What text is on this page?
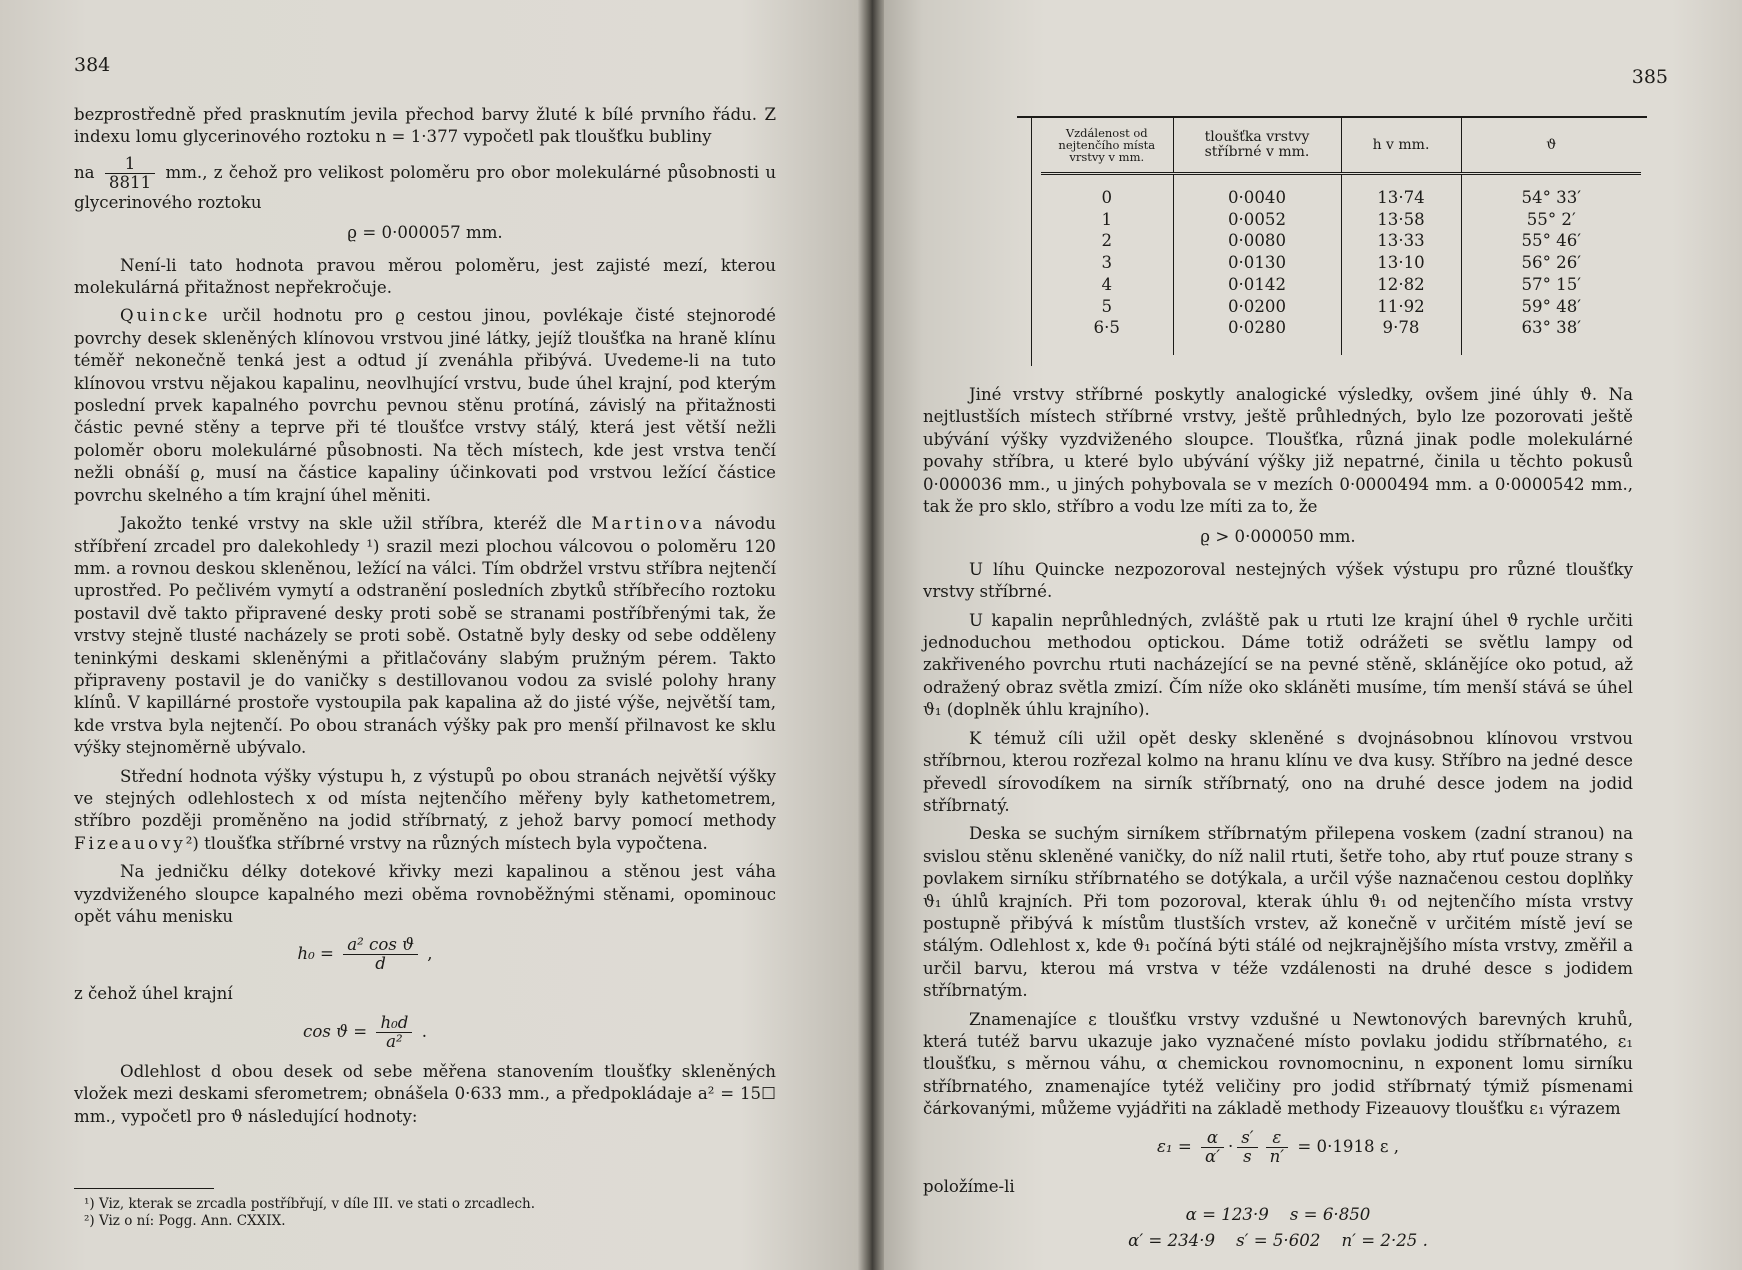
384

bezprostředně před prasknutím jevila přechod barvy žluté k bílé prvního řádu. Z indexu lomu glycerinového roztoku n = 1·377 vypočetl pak tloušťku bubliny

na $\frac{1}{8811}$ mm., z čehož pro velikost poloměru pro obor molekulárné působnosti u glycerinového roztoku

ϱ = 0·000057 mm.

Není-li tato hodnota pravou měrou poloměru, jest zajisté mezí, kterou molekulárná přitažnost nepřekročuje.

Quincke určil hodnotu pro ϱ cestou jinou, povlékaje čisté stejnorodé povrchy desek skleněných klínovou vrstvou jiné látky, jejíž tloušťka na hraně klínu téměř nekonečně tenká jest a odtud jí zvenáhla přibývá. Uvedeme-li na tuto klínovou vrstvu nějakou kapalinu, neovlhující vrstvu, bude úhel krajní, pod kterým poslední prvek kapalného povrchu pevnou stěnu protíná, závislý na přitažnosti částic pevné stěny a teprve při té tloušťce vrstvy stálý, která jest větší nežli poloměr oboru molekulárné působnosti. Na těch místech, kde jest vrstva tenčí nežli obnáší ϱ, musí na částice kapaliny účinkovati pod vrstvou ležící částice povrchu skelného a tím krajní úhel měniti.

Jakožto tenké vrstvy na skle užil stříbra, kteréž dle Martinova návodu stříbření zrcadel pro dalekohledy ¹) srazil mezi plochou válcovou o poloměru 120 mm. a rovnou deskou skleněnou, ležící na válci. Tím obdržel vrstvu stříbra nejtenčí uprostřed. Po pečlivém vymytí a odstranění posledních zbytků stříbřecího roztoku postavil dvě takto připravené desky proti sobě se stranami postříbřenými tak, že vrstvy stejně tlusté nacházely se proti sobě. Ostatně byly desky od sebe odděleny teninkými deskami skleněnými a přitlačovány slabým pružným pérem. Takto připraveny postavil je do vaničky s destillovanou vodou za svislé polohy hrany klínů. V kapillárné prostoře vystoupila pak kapalina až do jisté výše, největší tam, kde vrstva byla nejtenčí. Po obou stranách výšky pak pro menší přilnavost ke sklu výšky stejnoměrně ubývalo.

Střední hodnota výšky výstupu h, z výstupů po obou stranách největší výšky ve stejných odlehlostech x od místa nejtenčího měřeny byly kathetometrem, stříbro později proměněno na jodid stříbrnatý, z jehož barvy pomocí methody Fizeauovy²) tloušťka stříbrné vrstvy na různých místech byla vypočtena.

Na jedničku délky dotekové křivky mezi kapalinou a stěnou jest váha vyzdviženého sloupce kapalného mezi oběma rovnoběžnými stěnami, opominouc opět váhu menisku

$h_0 = \frac{\text{a² cos ϑ}}{d}$ ,

z čehož úhel krajní

$\cos ϑ = \frac{\text{h₀d}}{\text{a²}}$ .

Odlehlost d obou desek od sebe měřena stanovením tloušťky skleněných vložek mezi deskami sferometrem; obnášela 0·633 mm., a předpokládaje a² = 15☐ mm., vypočetl pro ϑ následující hodnoty:

¹) Viz, kterak se zrcadla postříbřují, v díle III. ve stati o zrcadlech.
²) Viz o ní: Pogg. Ann. CXXIX.
385
Vzdálenost od nejtenčího místa vrstvy v mm.	tloušťka vrstvy stříbrné v mm.	h v mm.	ϑ
0	0·0040	13·74	54° 33′
1	0·0052	13·58	55° 2′
2	0·0080	13·33	55° 46′
3	0·0130	13·10	56° 26′
4	0·0142	12·82	57° 15′
5	0·0200	11·92	59° 48′
6·5	0·0280	9·78	63° 38′

Jiné vrstvy stříbrné poskytly analogické výsledky, ovšem jiné úhly ϑ. Na nejtlustších místech stříbrné vrstvy, ještě průhledných, bylo lze pozorovati ještě ubývání výšky vyzdviženého sloupce. Tloušťka, různá jinak podle molekulárné povahy stříbra, u které bylo ubývání výšky již nepatrné, činila u těchto pokusů 0·000036 mm., u jiných pohybovala se v mezích 0·0000494 mm. a 0·0000542 mm., tak že pro sklo, stříbro a vodu lze míti za to, že

ϱ > 0·000050 mm.

U líhu Quincke nezpozoroval nestejných výšek výstupu pro různé tloušťky vrstvy stříbrné.

U kapalin neprůhledných, zvláště pak u rtuti lze krajní úhel ϑ rychle určiti jednoduchou methodou optickou. Dáme totiž odrážeti se světlu lampy od zakřiveného povrchu rtuti nacházející se na pevné stěně, sklánějíce oko potud, až odražený obraz světla zmizí. Čím níže oko skláněti musíme, tím menší stává se úhel ϑ₁ (doplněk úhlu krajního).

K témuž cíli užil opět desky skleněné s dvojnásobnou klínovou vrstvou stříbrnou, kterou rozřezal kolmo na hranu klínu ve dva kusy. Stříbro na jedné desce převedl sírovodíkem na sirník stříbrnatý, ono na druhé desce jodem na jodid stříbrnatý.

Deska se suchým sirníkem stříbrnatým přilepena voskem (zadní stranou) na svislou stěnu skleněné vaničky, do níž nalil rtuti, šetře toho, aby rtuť pouze strany s povlakem sirníku stříbrnatého se dotýkala, a určil výše naznačenou cestou doplňky ϑ₁ úhlů krajních. Při tom pozoroval, kterak úhlu ϑ₁ od nejtenčího místa vrstvy postupně přibývá k místům tlustších vrstev, až konečně v určitém místě jeví se stálým. Odlehlost x, kde ϑ₁ počíná býti stálé od nejkrajnějšího místa vrstvy, změřil a určil barvu, kterou má vrstva v téže vzdálenosti na druhé desce s jodidem stříbrnatým.

Znamenajíce ε tloušťku vrstvy vzdušné u Newtonových barevných kruhů, která tutéž barvu ukazuje jako vyznačené místo povlaku jodidu stříbrnatého, ε₁ tloušťku, s měrnou váhu, α chemickou rovnomocninu, n exponent lomu sirníku stříbrnatého, znamenajíce tytéž veličiny pro jodid stříbrnatý týmiž písmenami čárkovanými, můžeme vyjádřiti na základě methody Fizeauovy tloušťku ε₁ výrazem

$\varepsilon_1 = \frac{\alpha}{\alpha'} \cdot \frac{s'}{s} \frac{\varepsilon}{n'} = 0\cdot 1918$ ε ,

položíme-li

α = 123·9    s = 6·850
α′ = 234·9    s′ = 5·602    n′ = 2·25 .
